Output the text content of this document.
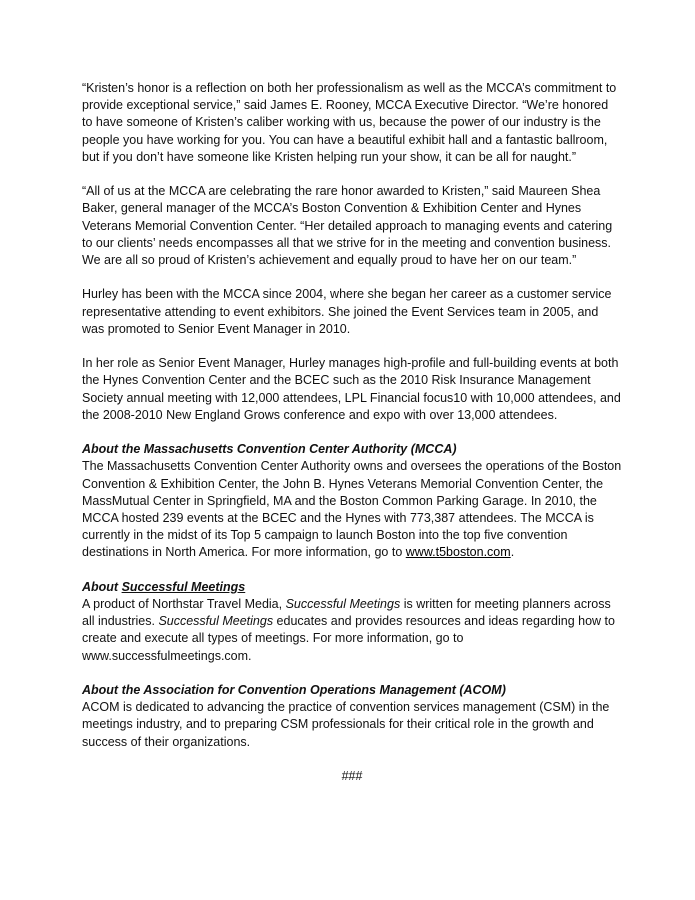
“Kristen’s honor is a reflection on both her professionalism as well as the MCCA’s commitment to provide exceptional service,” said James E. Rooney, MCCA Executive Director. “We’re honored to have someone of Kristen’s caliber working with us, because the power of our industry is the people you have working for you. You can have a beautiful exhibit hall and a fantastic ballroom, but if you don’t have someone like Kristen helping run your show, it can be all for naught.”

“All of us at the MCCA are celebrating the rare honor awarded to Kristen,” said Maureen Shea Baker, general manager of the MCCA’s Boston Convention & Exhibition Center and Hynes Veterans Memorial Convention Center. “Her detailed approach to managing events and catering to our clients’ needs encompasses all that we strive for in the meeting and convention business. We are all so proud of Kristen’s achievement and equally proud to have her on our team.”

Hurley has been with the MCCA since 2004, where she began her career as a customer service representative attending to event exhibitors. She joined the Event Services team in 2005, and was promoted to Senior Event Manager in 2010.

In her role as Senior Event Manager, Hurley manages high-profile and full-building events at both the Hynes Convention Center and the BCEC such as the 2010 Risk Insurance Management Society annual meeting with 12,000 attendees, LPL Financial focus10 with 10,000 attendees, and the 2008-2010 New England Grows conference and expo with over 13,000 attendees.

About the Massachusetts Convention Center Authority (MCCA)

The Massachusetts Convention Center Authority owns and oversees the operations of the Boston Convention & Exhibition Center, the John B. Hynes Veterans Memorial Convention Center, the MassMutual Center in Springfield, MA and the Boston Common Parking Garage. In 2010, the MCCA hosted 239 events at the BCEC and the Hynes with 773,387 attendees. The MCCA is currently in the midst of its Top 5 campaign to launch Boston into the top five convention destinations in North America. For more information, go to www.t5boston.com.

About Successful Meetings

A product of Northstar Travel Media, Successful Meetings is written for meeting planners across all industries. Successful Meetings educates and provides resources and ideas regarding how to create and execute all types of meetings. For more information, go to www.successfulmeetings.com.

About the Association for Convention Operations Management (ACOM)

ACOM is dedicated to advancing the practice of convention services management (CSM) in the meetings industry, and to preparing CSM professionals for their critical role in the growth and success of their organizations.

###
